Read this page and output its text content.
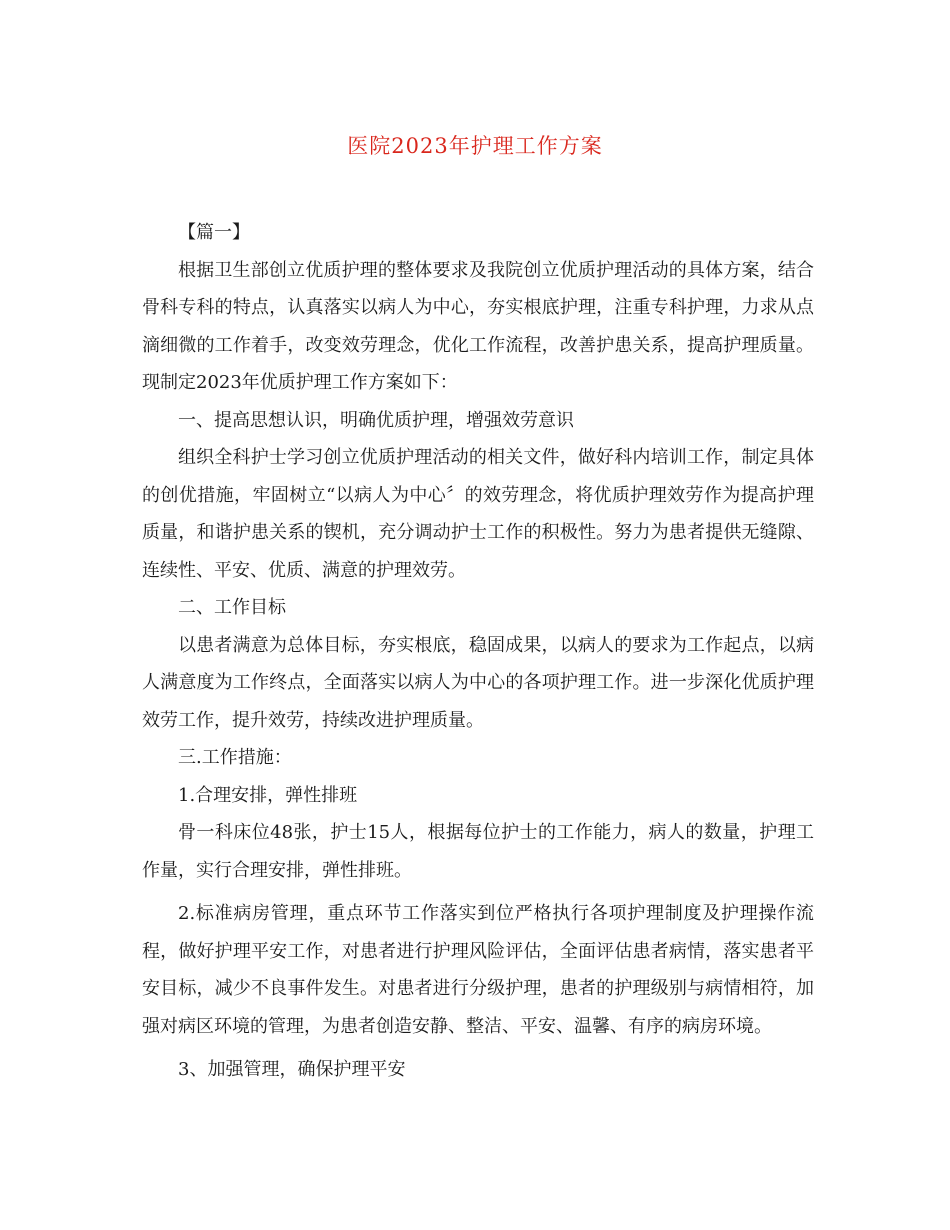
医院2023年护理工作方案

【篇一】

根据卫生部创立优质护理的整体要求及我院创立优质护理活动的具体方案，结合骨科专科的特点，认真落实以病人为中心，夯实根底护理，注重专科护理，力求从点滴细微的工作着手，改变效劳理念，优化工作流程，改善护患关系，提高护理质量。现制定2023年优质护理工作方案如下：

一、提高思想认识，明确优质护理，增强效劳意识

组织全科护士学习创立优质护理活动的相关文件，做好科内培训工作，制定具体的创优措施，牢固树立“以病人为中心〞的效劳理念，将优质护理效劳作为提高护理质量，和谐护患关系的锲机，充分调动护士工作的积极性。努力为患者提供无缝隙、连续性、平安、优质、满意的护理效劳。

二、工作目标

以患者满意为总体目标，夯实根底，稳固成果，以病人的要求为工作起点，以病人满意度为工作终点，全面落实以病人为中心的各项护理工作。进一步深化优质护理效劳工作，提升效劳，持续改进护理质量。

三.工作措施：

1.合理安排，弹性排班

骨一科床位48张，护士15人，根据每位护士的工作能力，病人的数量，护理工作量，实行合理安排，弹性排班。

2.标准病房管理，重点环节工作落实到位严格执行各项护理制度及护理操作流程，做好护理平安工作，对患者进行护理风险评估，全面评估患者病情，落实患者平安目标，减少不良事件发生。对患者进行分级护理，患者的护理级别与病情相符，加强对病区环境的管理，为患者创造安静、整洁、平安、温馨、有序的病房环境。

3、加强管理，确保护理平安
